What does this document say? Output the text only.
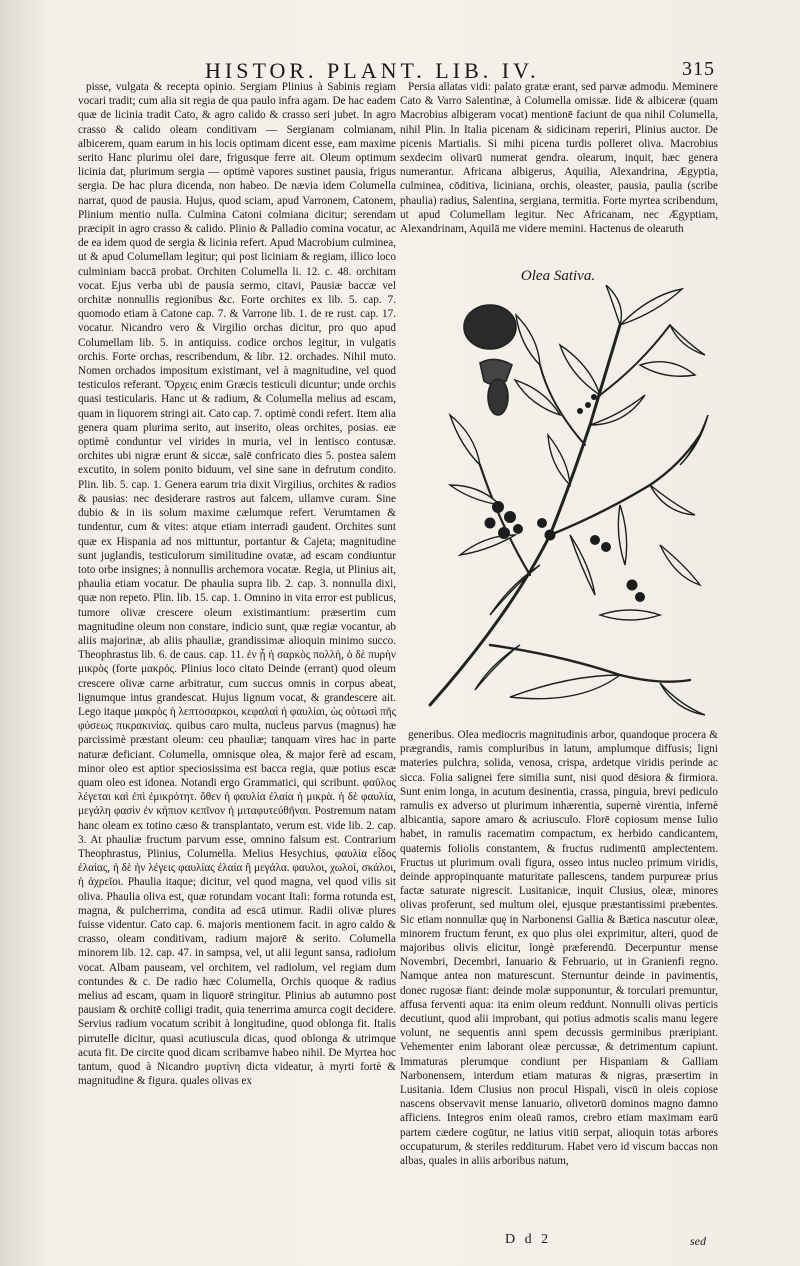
HISTOR. PLANT. LIB. IV.	315

pisse, vulgata & recepta opinio. Sergiam Plinius à Sabinis regiam vocari tradit; cum alia sit regia de qua paulo infra agam. De hac eadem quæ de licinia tradit Cato, & agro calido & crasso seri jubet. In agro crasso & calido oleam conditivam — Sergianam colmianam, albicerem, quam earum in his locis optimam dicent esse, eam maxime serito Hanc plurimu olei dare, frigusque ferre ait. Oleum optimum licinia dat, plurimum sergia — optimè vapores sustinet pausia, frigus sergia. De hac plura dicenda, non habeo. De nævia idem Columella narrat, quod de pausia. Hujus, quod sciam, apud Varronem, Catonem, Plinium mentio nulla. Culmina Catoni colmiana dicitur; serendam præcipit in agro crasso & calido. Plinio & Palladio comina vocatur, ac de ea idem quod de sergia & licinia refert. Apud Macrobium culminea, ut & apud Columellam legitur; qui post liciniam & regiam, illico loco culminiam baccā probat. Orchiten Columella li. 12. c. 48. orchitam vocat. Ejus verba ubi de pausia sermo, citavi, Pausiæ baccæ vel orchitæ nonnullis regionibus &c. Forte orchites ex lib. 5. cap. 7. quomodo etiam à Catone cap. 7. & Varrone lib. 1. de re rust. cap. 17. vocatur. Nicandro vero & Virgilio orchas dicitur, pro quo apud Columellam lib. 5. in antiquiss. codice orchos legitur, in vulgatis orchis. Forte orchas, rescribendum, & libr. 12. orchades. Nihil muto. Nomen orchados impositum existimant, vel à magnitudine, vel quod testiculos referant. Ὄρχεις enim Græcis testiculi dicuntur; unde orchis quasi testicularis. Hanc ut & radium, & Columella melius ad escam, quam in liquorem stringi ait. Cato cap. 7. optimè condi refert. Item alia genera quam plurima serito, aut inserito, oleas orchites, posias. eæ optimè conduntur vel virides in muria, vel in lentisco contusæ. orchites ubi nigræ erunt & siccæ, salē confricato dies 5. postea salem excutito, in solem ponito biduum, vel sine sane in defrutum condito. Plin. lib. 5. cap. 1. Genera earum tria dixit Virgilius, orchites & radios & pausias: nec desiderare rastros aut falcem, ullamve curam. Sine dubio & in iis solum maxime cælumque refert. Verumtamen & tundentur, cum & vites: atque etiam interradi gaudent. Orchites sunt quæ ex Hispania ad nos mittuntur, portantur & Cajeta; magnitudine sunt juglandis, testiculorum similitudine ovatæ, ad escam condiuntur toto orbe insignes; à nonnullis archemora vocatæ. Regia, ut Plinius ait, phaulia etiam vocatur. De phaulia supra lib. 2. cap. 3. nonnulla dixi, quæ non repeto. Plin. lib. 15. cap. 1. Omnino in vita error est publicus, tumore olivæ crescere oleum existimantium: præsertim cum magnitudine oleum non constare, indicio sunt, quæ regiæ vocantur, ab aliis majorinæ, ab aliis phauliæ, grandissimæ alioquin minimo succo. Theophrastus lib. 6. de caus. cap. 11. ἐν ᾗ ἡ σαρκὸς πολλὴ, ὁ δὲ πυρὴν μικρὸς (forte μακρός. Plinius loco citato Deinde (errant) quod oleum crescere olivæ carne arbitratur, cum succus omnis in corpus abeat, lignumque intus grandescat. Hujus lignum vocat, & grandescere ait. Lego itaque μακρὸς ἡ λεπτοσαρκοι, κεφαλαὶ ἡ φαυλίαι, ὡς οὐτωσὶ πῆς φύσεως πικρακινίας. quibus caro multa, nucleus parvus (magnus) hæ parcissimè præstant oleum: ceu phauliæ; tanquam vires hac in parte naturæ deficiant. Columella, omnisque olea, & major ferè ad escam, minor oleo est aptior speciosissima est bacca regia, quæ potius escæ quam oleo est idonea. Notandi ergo Grammatici, qui scribunt. φαῦλος λέγεται καὶ ἐπὶ ἐμικρότητ. ὅθεν ἡ φαυλία ἐλαία ἡ μικρὰ. ἡ δὲ φαυλία, μεγάλη φασὶν ἐν κήπιον κεπῖνον ἡ μιταφυτεύθῆναι. Postremum natam hanc oleam ex totino cæso & transplantato, verum est. vide lib. 2. cap. 3. At phauliæ fructum parvum esse, omnino falsum est. Contrarium Theophrastus, Plinius, Columella. Melius Hesychius, φαυλία εἶδος ἐλαίας, ἡ δὲ ἡν λέγεις φαυλίας ἐλαία ἢ μεγάλα. φαυλοι, χωλοί, σκάλοι, ἡ ἀχρεῖοι. Phaulia itaque; dicitur, vel quod magna, vel quod vilis sit oliva. Phaulia oliva est, quæ rotundam vocant Itali: forma rotunda est, magna, & pulcherrima, condita ad escā utimur. Radii olivæ plures fuisse videntur. Cato cap. 6. majoris mentionem facit. in agro caldo & crasso, oleam conditivam, radium majorē & serito. Columella minorem lib. 12. cap. 47. in sampsa, vel, ut alii legunt sansa, radiolum vocat. Albam pauseam, vel orchitem, vel radiolum, vel regiam dum contundes & c. De radio hæc Columella, Orchis quoque & radius melius ad escam, quam in liquorē stringitur. Plinius ab autumno post pausiam & orchitē colligi tradit, quia tenerrima amurca cogit decidere. Servius radium vocatum scribit à longitudine, quod oblonga fit. Italis pirrutelle dicitur, quasi acutiuscula dicas, quod oblonga & utrimque acuta fit. De circite quod dicam scribamve habeo nihil. De Myrtea hoc tantum, quod à Nicandro μυρτίνη dicta videatur, à myrti fortè & magnitudine & figura. quales olivas ex

Persia allatas vidi: palato gratæ erant, sed parvæ admodu. Meminere Cato & Varro Salentinæ, à Columella omissæ. Iidē & albiceræ (quam Macrobius albigeram vocat) mentionē faciunt de qua nihil Columella, nihil Plin. In Italia picenam & sidicinam reperiri, Plinius auctor. De picenis Martialis. Si mihi picena turdis polleret oliva. Macrobius sexdecim olivarū numerat gendra. olearum, inquit, hæc genera numerantur. Africana albigerus, Aquilia, Alexandrina, Ægyptia, culminea, cōditiva, liciniana, orchis, oleaster, pausia, paulia (scribe phaulia) radius, Salentina, sergiana, termitia. Forte myrtea scribendum, ut apud Columellam legitur. Nec Africanam, nec Ægyptiam, Alexandrinam, Aquilā me videre memini. Hactenus de olearuth

Olea Sativa.

generibus. Olea mediocris magnitudinis arbor, quandoque procera & prægrandis, ramis compluribus in latum, amplumque diffusis; ligni materies pulchra, solida, venosa, crispa, ardetque viridis perinde ac sicca. Folia salignei fere similia sunt, nisi quod dēsiora & firmiora. Sunt enim longa, in acutum desinentia, crassa, pinguia, brevi pediculo ramulis ex adverso ut plurimum inhærentia, supernè virentia, infernè albicantia, sapore amaro & acriusculo. Florē copiosum mense Iulio habet, in ramulis racematim compactum, ex herbido candicantem, quaternis foliolis constantem, & fructus rudimentū amplectentem. Fructus ut plurimum ovali figura, osseo intus nucleo primum viridis, deinde appropinquante maturitate pallescens, tandem purpureæ prius factæ saturate nigrescit. Lusitanicæ, inquit Clusius, oleæ, minores olivas proferunt, sed multum olei, ejusque præstantissimi præbentes. Sic etiam nonnullæ quę in Narbonensi Gallia & Bætica nascutur oleæ, minorem fructum ferunt, ex quo plus olei exprimitur, alteri, quod de majoribus olivis elicitur, longè præferendū. Decerpuntur mense Novembri, Decembri, Ianuario & Februario, ut in Granienfi regno. Namque antea non maturescunt. Sternuntur deinde in pavimentis, donec rugosæ fiant: deinde molæ supponuntur, & torculari premuntur, affusa ferventi aqua: ita enim oleum reddunt. Nonnulli olivas perticis decutiunt, quod alii improbant, qui potius admotis scalis manu legere volunt, ne sequentis anni spem decussis germinibus præripiant. Vehementer enim laborant oleæ percussæ, & detrimentum capiunt. Immaturas plerumque condiunt per Hispaniam & Galliam Narbonensem, interdum etiam maturas & nigras, præsertim in Lusitania. Idem Clusius non procul Hispali, viscū in oleis copiose nascens observavit mense Ianuario, olivetorū dominos magno damno afficiens. Integros enim oleaū ramos, crebro etiam maximam earū partem cædere cogūtur, ne latius vitiū serpat, alioquin totas arbores occupaturum, & steriles redditurum. Habet vero id viscum baccas non albas, quales in aliis arboribus natum,

D d 2	sed
